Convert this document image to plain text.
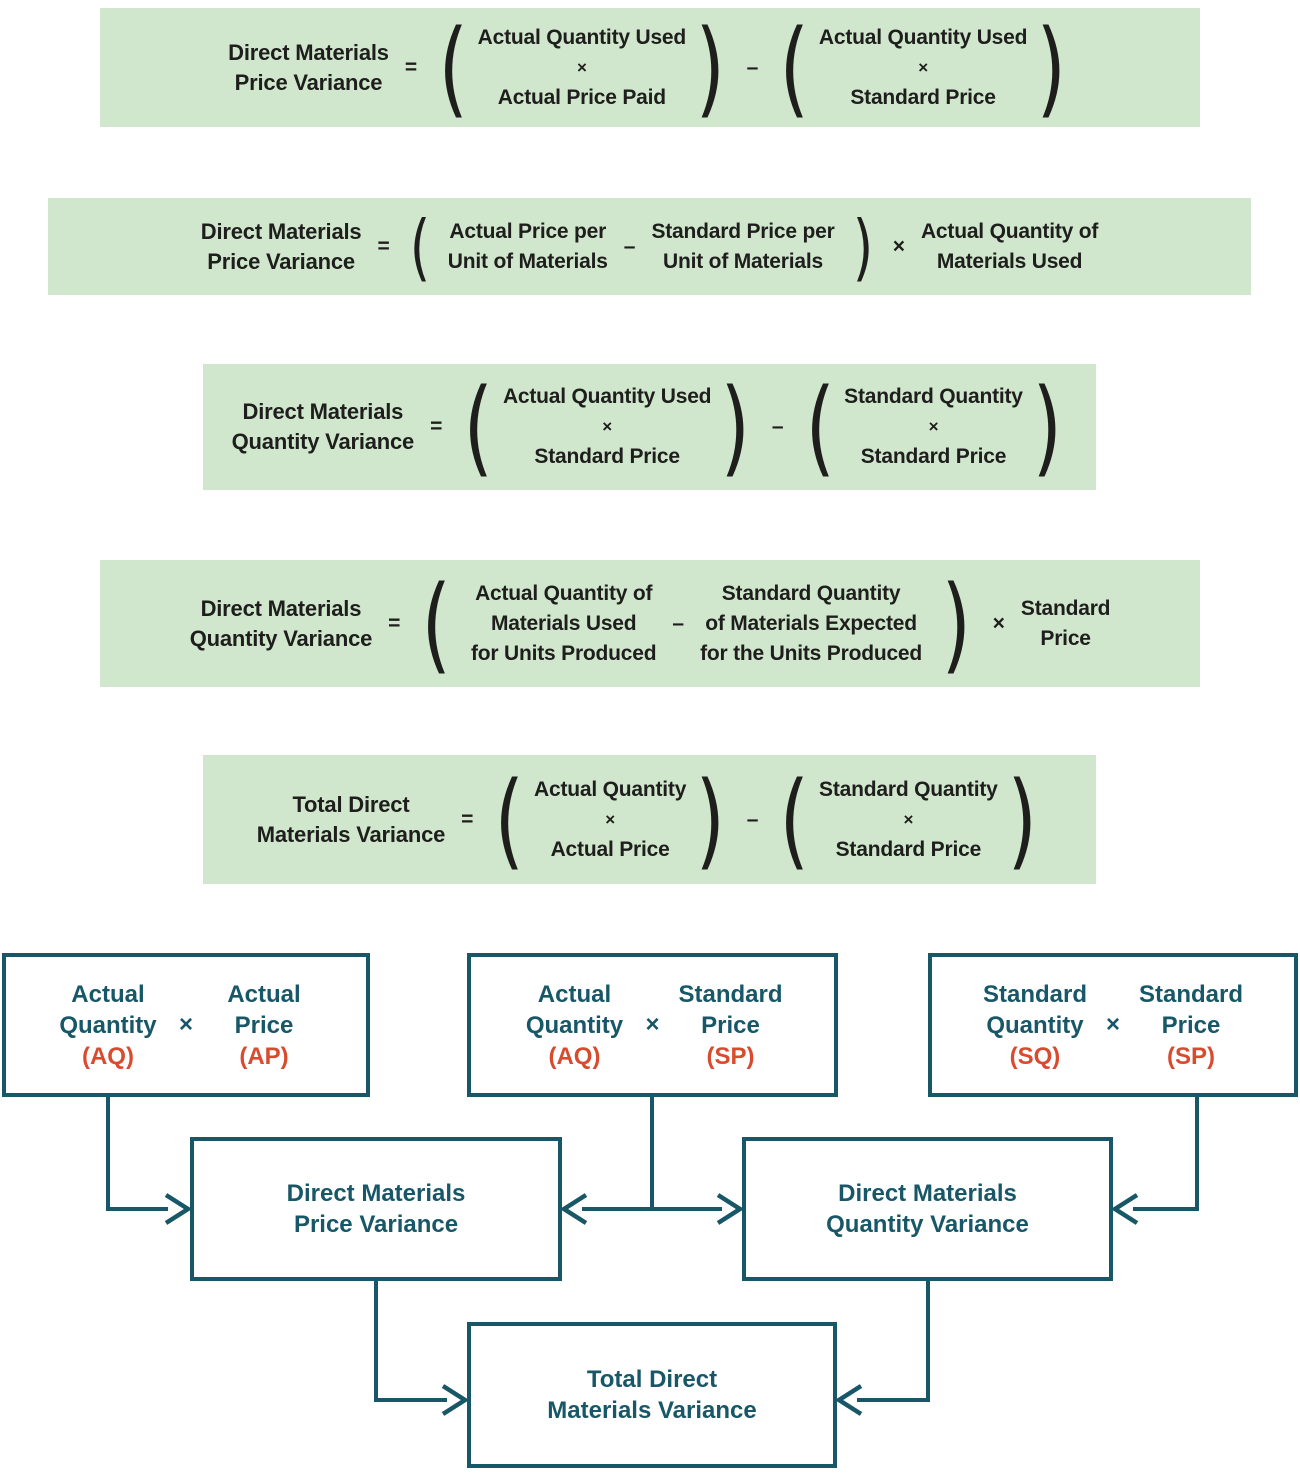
Direct Materials
Price Variance
= ( Actual Quantity Used
×
Actual Price Paid ) – ( Actual Quantity Used
×
Standard Price )
Direct Materials
Price Variance
= ( Actual Price per
Unit of Materials
–
Standard Price per
Unit of Materials ) ×
Actual Quantity of
Materials Used
Direct Materials
Quantity Variance
= ( Actual Quantity Used
×
Standard Price ) – ( Standard Quantity
×
Standard Price )
Direct Materials
Quantity Variance
= ( Actual Quantity of
Materials Used
for Units Produced
–
Standard Quantity
of Materials Expected
for the Units Produced ) ×
Standard
Price
Total Direct
Materials Variance
= ( Actual Quantity
×
Actual Price ) – ( Standard Quantity
×
Standard Price )
Actual
Quantity
(AQ)
×
Actual
Price
(AP)
Actual
Quantity
(AQ)
×
Standard
Price
(SP)
Standard
Quantity
(SQ)
×
Standard
Price
(SP)
Direct Materials
Price Variance
Direct Materials
Quantity Variance
Total Direct
Materials Variance
